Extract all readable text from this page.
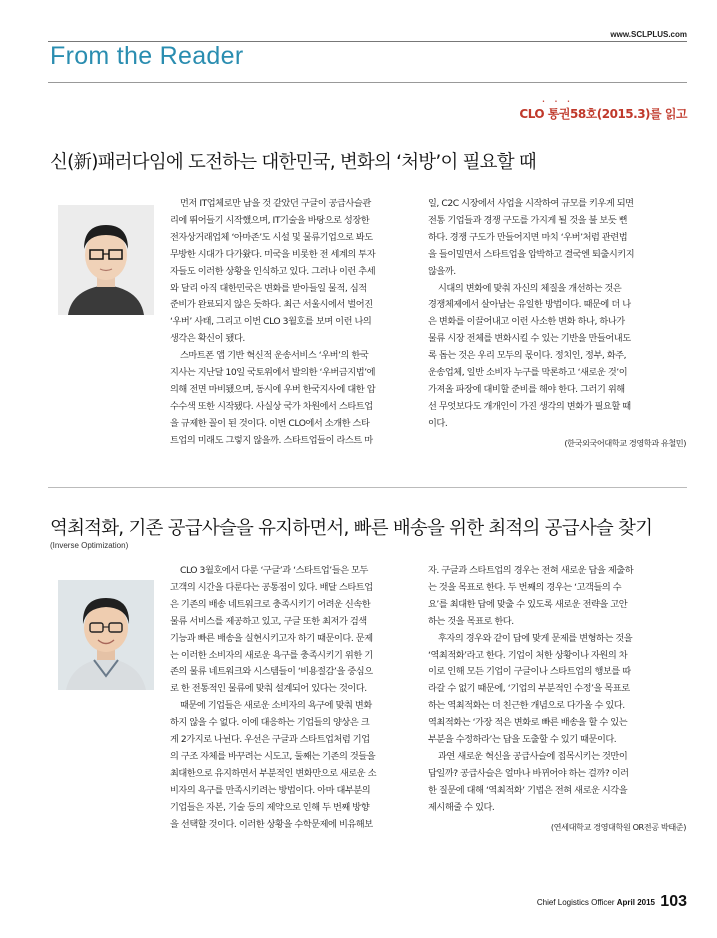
www.SCLPLUS.com
From the Reader
• • •
CLO 통권58호(2015.3)를 읽고
신(新)패러다임에 도전하는 대한민국, 변화의 ‘처방’이 필요할 때

먼저 IT업체로만 남을 것 같았던 구글이 공급사슬관

리에 뛰어들기 시작했으며, IT기술을 바탕으로 성장한

전자상거래업체 ‘아마존’도 시설 및 물류기업으로 봐도

무방한 시대가 다가왔다. 미국을 비롯한 전 세계의 투자

자들도 이러한 상황을 인식하고 있다. 그러나 이런 추세

와 달리 아직 대한민국은 변화를 받아들일 물적, 심적

준비가 완료되지 않은 듯하다. 최근 서울시에서 벌어진

‘우버’ 사태, 그리고 이번 CLO 3월호를 보며 이런 나의

생각은 확신이 됐다.

스마트폰 앱 기반 혁신적 운송서비스 ‘우버’의 한국

지사는 지난달 10일 국토위에서 발의한 ‘우버금지법’에

의해 전면 마비됐으며, 동시에 우버 한국지사에 대한 압

수수색 또한 시작됐다. 사실상 국가 차원에서 스타트업

을 규제한 꼴이 된 것이다. 이번 CLO에서 소개한 스타

트업의 미래도 그렇지 않을까. 스타트업들이 라스트 마

일, C2C 시장에서 사업을 시작하여 규모를 키우게 되면

전통 기업들과 경쟁 구도를 가지게 될 것을 불 보듯 뻔

하다. 경쟁 구도가 만들어지면 마치 ‘우버’처럼 관련법

을 들이밀면서 스타트업을 압박하고 결국엔 퇴출시키지

않을까.

시대의 변화에 맞춰 자신의 체질을 개선하는 것은

경쟁체제에서 살아남는 유일한 방법이다. 때문에 더 나

은 변화를 이끌어내고 이런 사소한 변화 하나, 하나가

물류 시장 전체를 변화시킬 수 있는 기반을 만들어내도

록 돕는 것은 우리 모두의 몫이다. 정치인, 정부, 화주,

운송업체, 일반 소비자 누구를 막론하고 ‘새로운 것’이

가져올 파장에 대비할 준비를 해야 한다. 그러기 위해

선 무엇보다도 개개인이 가진 생각의 변화가 필요할 때

이다.

(한국외국어대학교 경영학과 유철민)

역최적화, 기존 공급사슬을 유지하면서, 빠른 배송을 위한 최적의 공급사슬 찾기
(Inverse Optimization)

CLO 3월호에서 다룬 ‘구글’과 ‘스타트업’들은 모두

고객의 시간을 다룬다는 공통점이 있다. 배달 스타트업

은 기존의 배송 네트워크로 충족시키기 어려운 신속한

물류 서비스를 제공하고 있고, 구글 또한 최저가 검색

기능과 빠른 배송을 실현시키고자 하기 때문이다. 문제

는 이러한 소비자의 새로운 욕구를 충족시키기 위한 기

존의 물류 네트워크와 시스템들이 ‘비용절감’을 중심으

로 한 전통적인 물류에 맞춰 설계되어 있다는 것이다.

때문에 기업들은 새로운 소비자의 욕구에 맞춰 변화

하지 않을 수 없다. 이에 대응하는 기업들의 양상은 크

게 2가지로 나뉜다. 우선은 구글과 스타트업처럼 기업

의 구조 자체를 바꾸려는 시도고, 둘째는 기존의 것들을

최대한으로 유지하면서 부분적인 변화만으로 새로운 소

비자의 욕구를 만족시키려는 방법이다. 아마 대부분의

기업들은 자본, 기술 등의 제약으로 인해 두 번째 방향

을 선택할 것이다. 이러한 상황을 수학문제에 비유해보

자. 구글과 스타트업의 경우는 전혀 새로운 답을 제출하

는 것을 목표로 한다. 두 번째의 경우는 ‘고객들의 수

요’를 최대한 답에 맞출 수 있도록 새로운 전략을 고안

하는 것을 목표로 한다.

후자의 경우와 같이 답에 맞게 문제를 변형하는 것을

‘역최적화’라고 한다. 기업이 처한 상황이나 자원의 차

이로 인해 모든 기업이 구글이나 스타트업의 행보를 따

라갈 수 없기 때문에, ‘기업의 부분적인 수정’을 목표로

하는 역최적화는 더 친근한 개념으로 다가올 수 있다.

역최적화는 ‘가장 적은 변화로 빠른 배송을 할 수 있는

부분을 수정하라’는 답을 도출할 수 있기 때문이다.

과연 새로운 혁신을 공급사슬에 접목시키는 것만이

답일까? 공급사슬은 얼마나 바뀌어야 하는 걸까? 이러

한 질문에 대해 ‘역최적화’ 기법은 전혀 새로운 시각을

제시해줄 수 있다.

(연세대학교 경영대학원 OR전공 박태준)

Chief Logistics Officer April 2015 103
